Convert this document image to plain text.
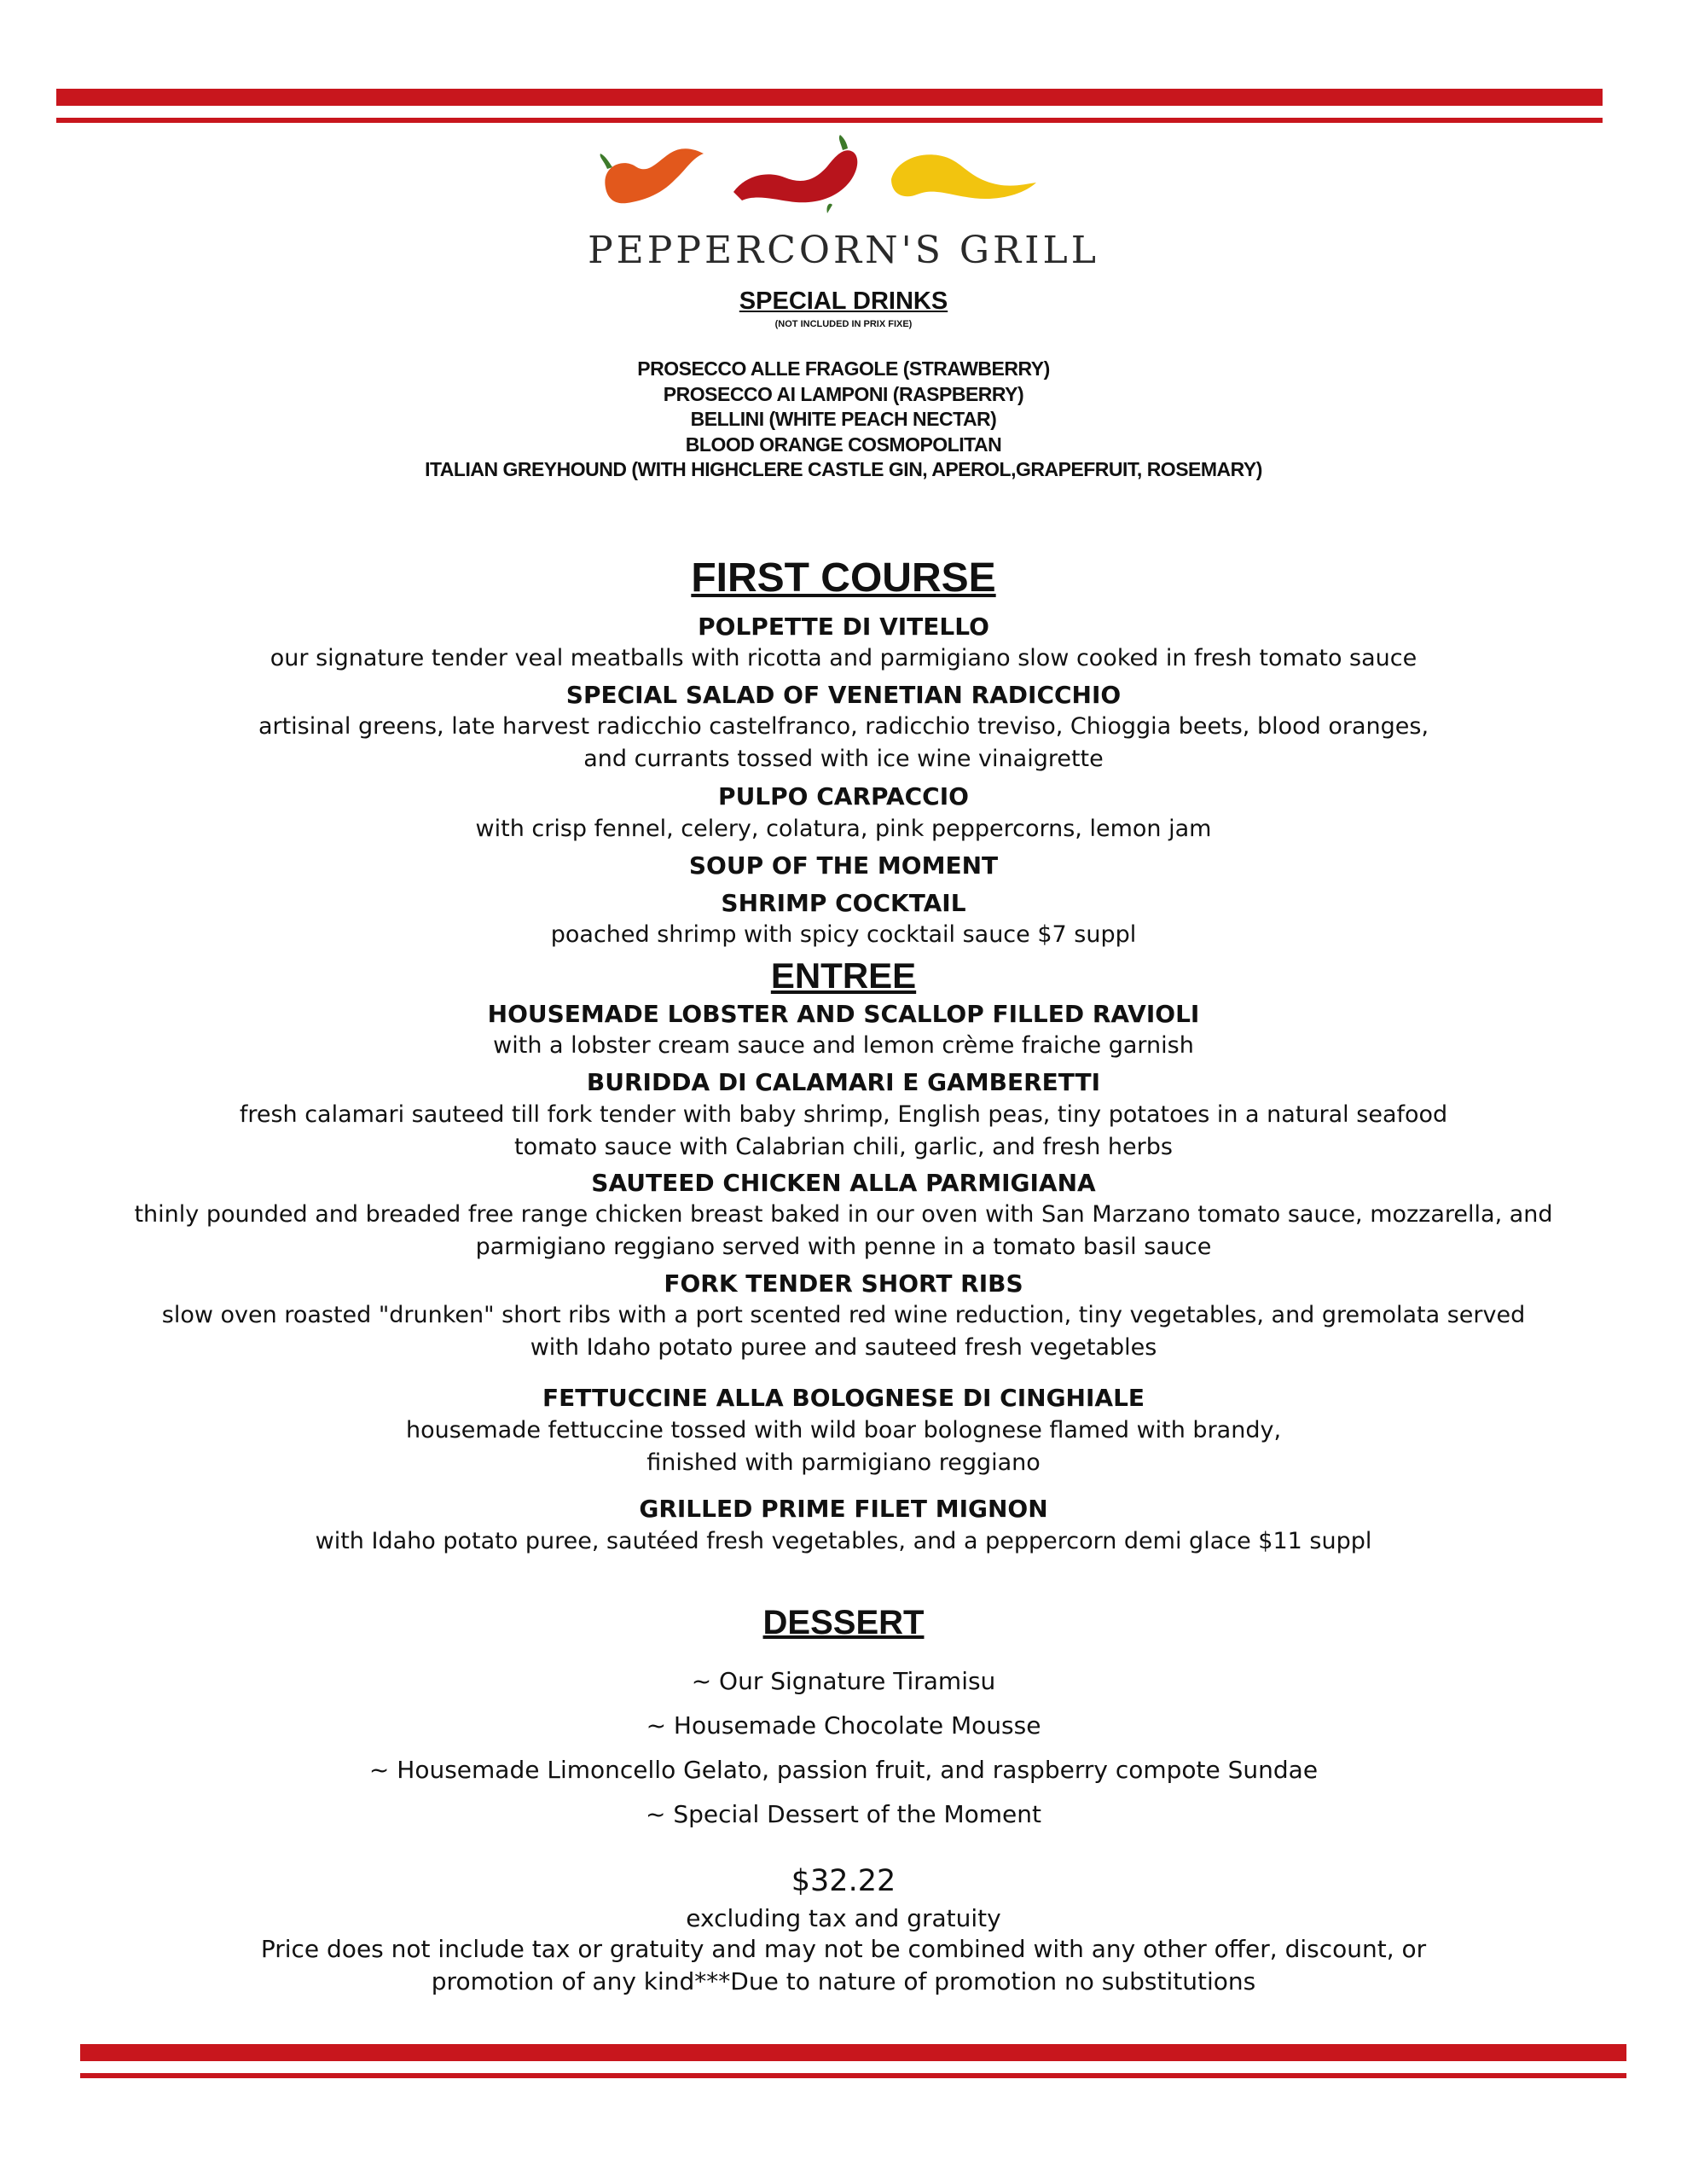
PEPPERCORN'S GRILL
SPECIAL DRINKS
(NOT INCLUDED IN PRIX FIXE)
PROSECCO ALLE FRAGOLE (STRAWBERRY)
PROSECCO AI LAMPONI (RASPBERRY)
BELLINI (WHITE PEACH NECTAR)
BLOOD ORANGE COSMOPOLITAN
ITALIAN GREYHOUND (WITH HIGHCLERE CASTLE GIN, APEROL,GRAPEFRUIT, ROSEMARY)
FIRST COURSE
POLPETTE DI VITELLO
our signature tender veal meatballs with ricotta and parmigiano slow cooked in fresh tomato sauce
SPECIAL SALAD OF VENETIAN RADICCHIO
artisinal greens, late harvest radicchio castelfranco, radicchio treviso, Chioggia beets, blood oranges,
and currants tossed with ice wine vinaigrette
PULPO CARPACCIO
with crisp fennel, celery, colatura, pink peppercorns, lemon jam
SOUP OF THE MOMENT
SHRIMP COCKTAIL
poached shrimp with spicy cocktail sauce $7 suppl
ENTREE
HOUSEMADE LOBSTER AND SCALLOP FILLED RAVIOLI
with a lobster cream sauce and lemon crème fraiche garnish
BURIDDA DI CALAMARI E GAMBERETTI
fresh calamari sauteed till fork tender with baby shrimp, English peas, tiny potatoes in a natural seafood
tomato sauce with Calabrian chili, garlic, and fresh herbs
SAUTEED CHICKEN ALLA PARMIGIANA
thinly pounded and breaded free range chicken breast baked in our oven with San Marzano tomato sauce, mozzarella, and
parmigiano reggiano served with penne in a tomato basil sauce
FORK TENDER SHORT RIBS
slow oven roasted "drunken" short ribs with a port scented red wine reduction, tiny vegetables, and gremolata served
with Idaho potato puree and sauteed fresh vegetables
FETTUCCINE ALLA BOLOGNESE DI CINGHIALE
housemade fettuccine tossed with wild boar bolognese flamed with brandy,
finished with parmigiano reggiano
GRILLED PRIME FILET MIGNON
with Idaho potato puree, sautéed fresh vegetables, and a peppercorn demi glace $11 suppl
DESSERT
~ Our Signature Tiramisu
~ Housemade Chocolate Mousse
~ Housemade Limoncello Gelato, passion fruit, and raspberry compote Sundae
~ Special Dessert of the Moment
$32.22
excluding tax and gratuity
Price does not include tax or gratuity and may not be combined with any other offer, discount, or
promotion of any kind***Due to nature of promotion no substitutions
